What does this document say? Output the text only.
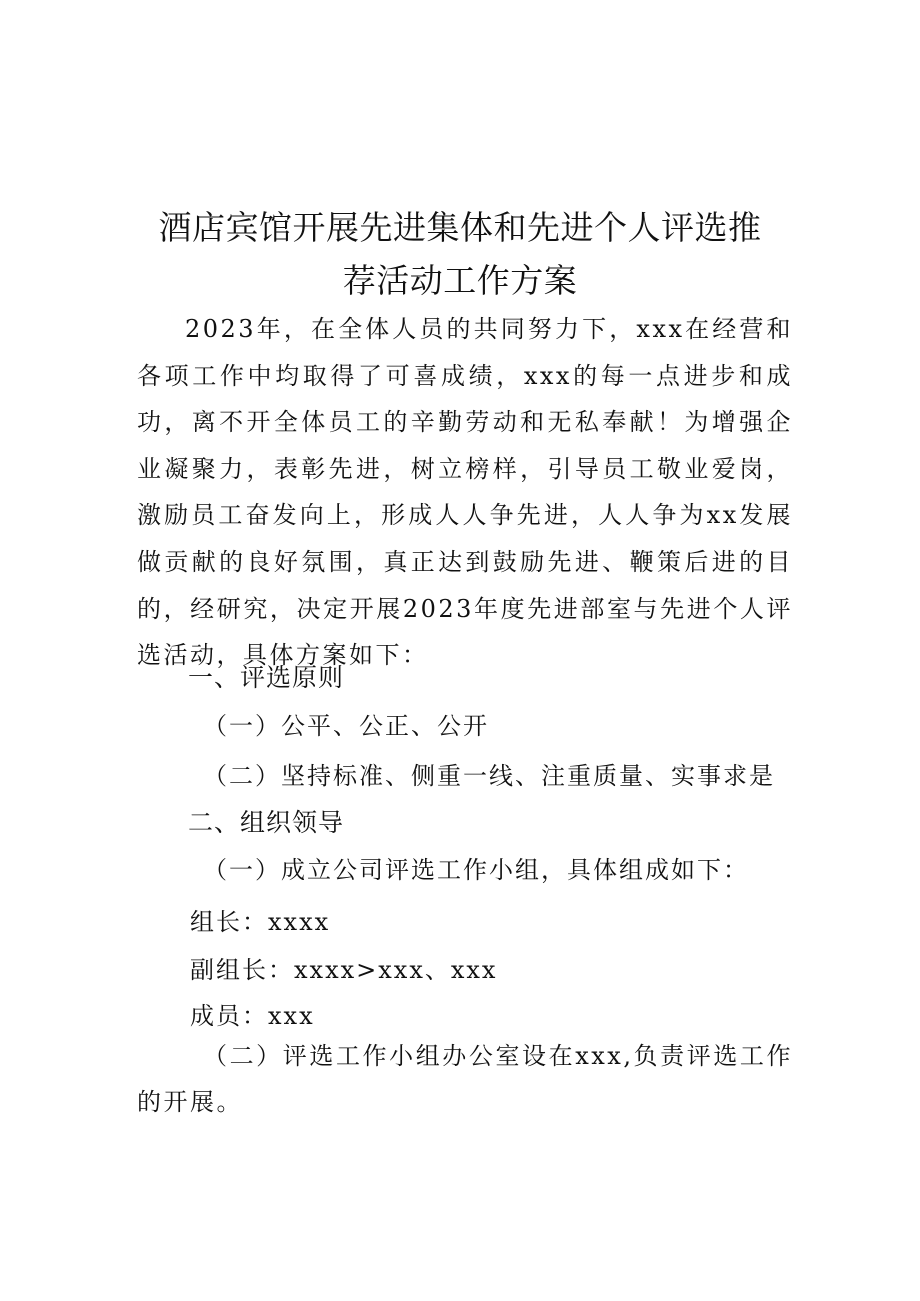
酒店宾馆开展先进集体和先进个人评选推
荐活动工作方案

2023年，在全体人员的共同努力下，xxx在经营和各项工作中均取得了可喜成绩，xxx的每一点进步和成功，离不开全体员工的辛勤劳动和无私奉献！为增强企业凝聚力，表彰先进，树立榜样，引导员工敬业爱岗，激励员工奋发向上，形成人人争先进，人人争为xx发展做贡献的良好氛围，真正达到鼓励先进、鞭策后进的目的，经研究，决定开展2023年度先进部室与先进个人评选活动，具体方案如下：

一、评选原则
（一）公平、公正、公开
（二）坚持标准、侧重一线、注重质量、实事求是
二、组织领导
（一）成立公司评选工作小组，具体组成如下：
组长：xxxx
副组长：xxxx>xxx、xxx
成员：xxx

（二）评选工作小组办公室设在xxx,负责评选工作的开展。
